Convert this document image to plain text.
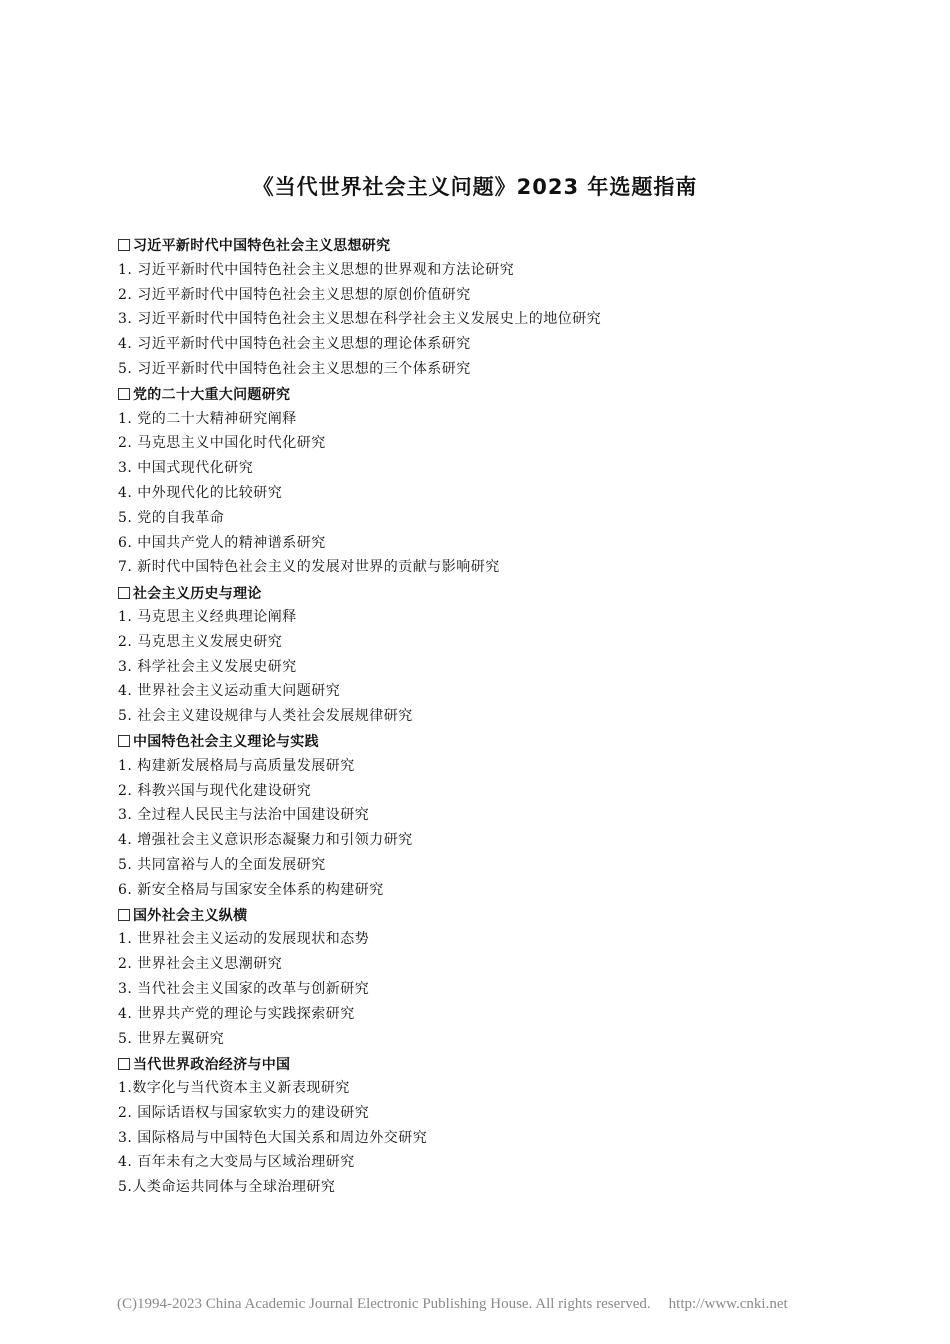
《当代世界社会主义问题》2023 年选题指南
习近平新时代中国特色社会主义思想研究
1. 习近平新时代中国特色社会主义思想的世界观和方法论研究
2. 习近平新时代中国特色社会主义思想的原创价值研究
3. 习近平新时代中国特色社会主义思想在科学社会主义发展史上的地位研究
4. 习近平新时代中国特色社会主义思想的理论体系研究
5. 习近平新时代中国特色社会主义思想的三个体系研究
党的二十大重大问题研究
1. 党的二十大精神研究阐释
2. 马克思主义中国化时代化研究
3. 中国式现代化研究
4. 中外现代化的比较研究
5. 党的自我革命
6. 中国共产党人的精神谱系研究
7. 新时代中国特色社会主义的发展对世界的贡献与影响研究
社会主义历史与理论
1. 马克思主义经典理论阐释
2. 马克思主义发展史研究
3. 科学社会主义发展史研究
4. 世界社会主义运动重大问题研究
5. 社会主义建设规律与人类社会发展规律研究
中国特色社会主义理论与实践
1. 构建新发展格局与高质量发展研究
2. 科教兴国与现代化建设研究
3. 全过程人民民主与法治中国建设研究
4. 增强社会主义意识形态凝聚力和引领力研究
5. 共同富裕与人的全面发展研究
6. 新安全格局与国家安全体系的构建研究
国外社会主义纵横
1. 世界社会主义运动的发展现状和态势
2. 世界社会主义思潮研究
3. 当代社会主义国家的改革与创新研究
4. 世界共产党的理论与实践探索研究
5. 世界左翼研究
当代世界政治经济与中国
1.数字化与当代资本主义新表现研究
2. 国际话语权与国家软实力的建设研究
3. 国际格局与中国特色大国关系和周边外交研究
4. 百年未有之大变局与区域治理研究
5.人类命运共同体与全球治理研究
(C)1994-2023 China Academic Journal Electronic Publishing House. All rights reserved. http://www.cnki.net
